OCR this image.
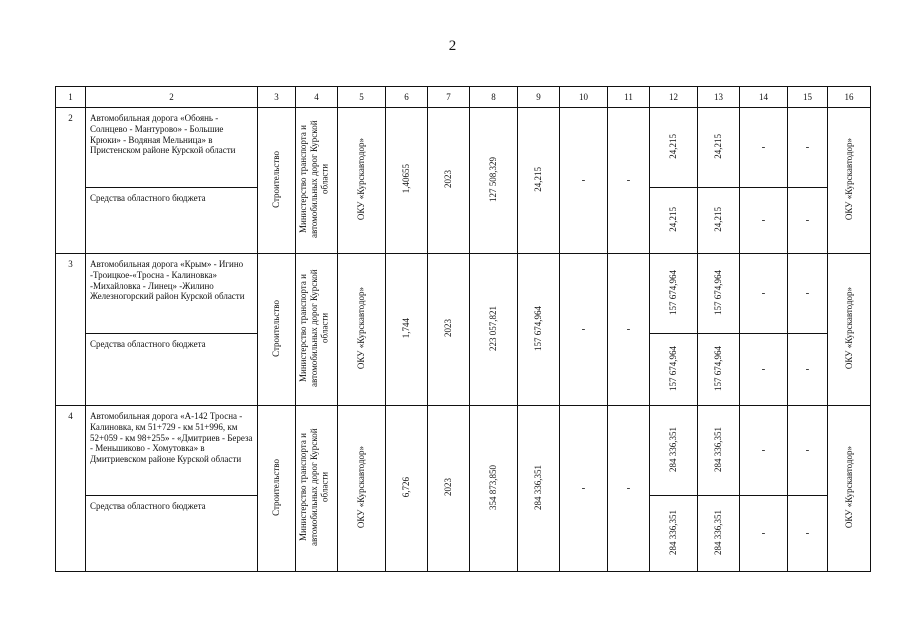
2
1	2	3	4	5	6	7	8	9	10	11	12	13	14	15	16
2	Автомобильная дорога «Обоянь - Солнцево - Мантурово» - Большие Крюки» - Водяная Мельница» в Пристенском районе Курской области	Строительство	Министерство транспорта и автомобильных дорог Курской области	ОКУ «Курскавтодор»	1,40655	2023	127 508,329	24,215	-	-	24,215	24,215	-	-	ОКУ «Курскавтодор»
	Средства областного бюджета										24,215	24,215	-	-	
3	Автомобильная дорога «Крым» - Игино -Троицкое-«Тросна - Калиновка» -Михайловка - Линец» -Жилино Железногорский район Курской области	Строительство	Министерство транспорта и автомобильных дорог Курской области	ОКУ «Курскавтодор»	1,744	2023	223 057,821	157 674,964	-	-	157 674,964	157 674,964	-	-	ОКУ «Курскавтодор»
	Средства областного бюджета										157 674,964	157 674,964	-	-	
4	Автомобильная дорога «А-142 Тросна - Калиновка, км 51+729 - км 51+996, км 52+059 - км 98+255» - «Дмитриев - Береза - Меньшиково - Хомутовка» в Дмитриевском районе Курской области	Строительство	Министерство транспорта и автомобильных дорог Курской области	ОКУ «Курскавтодор»	6,726	2023	354 873,850	284 336,351	-	-	284 336,351	284 336,351	-	-	ОКУ «Курскавтодор»
	Средства областного бюджета										284 336,351	284 336,351	-	-	
